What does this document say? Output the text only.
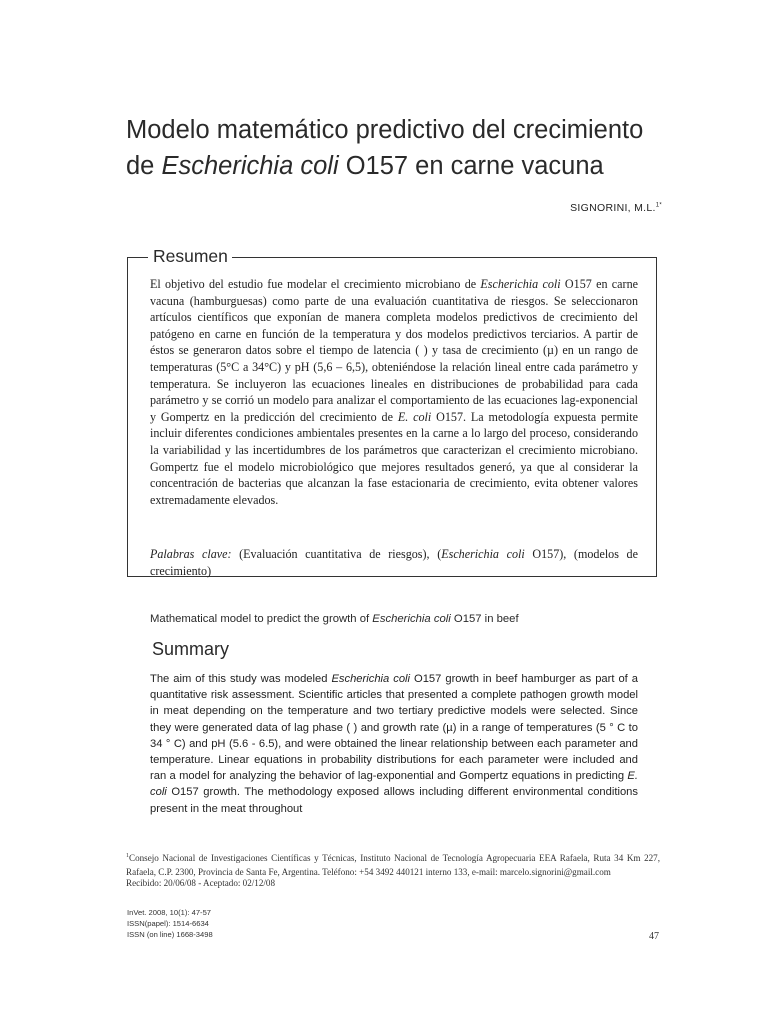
Modelo matemático predictivo del crecimiento
de Escherichia coli O157 en carne vacuna
SIGNORINI, M.L.$^{1*}$
Resumen

El objetivo del estudio fue modelar el crecimiento microbiano de Escherichia coli O157 en carne vacuna (hamburguesas) como parte de una evaluación cuantitativa de riesgos. Se seleccionaron artículos científicos que exponían de manera completa modelos predictivos de crecimiento del patógeno en carne en función de la temperatura y dos modelos predictivos terciarios. A partir de éstos se generaron datos sobre el tiempo de latencia ( ) y tasa de crecimiento (µ) en un rango de temperaturas (5°C a 34°C) y pH (5,6 – 6,5), obteniéndose la relación lineal entre cada parámetro y temperatura. Se incluyeron las ecuaciones lineales en distribuciones de probabilidad para cada parámetro y se corrió un modelo para analizar el comportamiento de las ecuaciones lag-exponencial y Gompertz en la predicción del crecimiento de E. coli O157. La metodología expuesta permite incluir diferentes condiciones ambientales presentes en la carne a lo largo del proceso, considerando la variabilidad y las incertidumbres de los parámetros que caracterizan el crecimiento microbiano. Gompertz fue el modelo microbiológico que mejores resultados generó, ya que al considerar la concentración de bacterias que alcanzan la fase estacionaria de crecimiento, evita obtener valores extremadamente elevados.

Palabras clave: (Evaluación cuantitativa de riesgos), (Escherichia coli O157), (modelos de crecimiento)

Mathematical model to predict the growth of Escherichia coli O157 in beef
Summary

The aim of this study was modeled Escherichia coli O157 growth in beef hamburger as part of a quantitative risk assessment. Scientific articles that presented a complete pathogen growth model in meat depending on the temperature and two tertiary predictive models were selected. Since they were generated data of lag phase ( ) and growth rate (µ) in a range of temperatures (5 ° C to 34 ° C) and pH (5.6 - 6.5), and were obtained the linear relationship between each parameter and temperature. Linear equations in probability distributions for each parameter were included and ran a model for analyzing the behavior of lag-exponential and Gompertz equations in predicting E. coli O157 growth. The methodology exposed allows including different environmental conditions present in the meat throughout

$^1$Consejo Nacional de Investigaciones Científicas y Técnicas, Instituto Nacional de Tecnología Agropecuaria EEA Rafaela, Ruta 34 Km 227, Rafaela, C.P. 2300, Provincia de Santa Fe, Argentina. Teléfono: +54 3492 440121 interno 133, e-mail: marcelo.signorini@gmail.com

Recibido: 20/06/08 - Aceptado: 02/12/08
InVet. 2008, 10(1): 47-57
ISSN(papel): 1514-6634
ISSN (on line) 1668-3498	47
